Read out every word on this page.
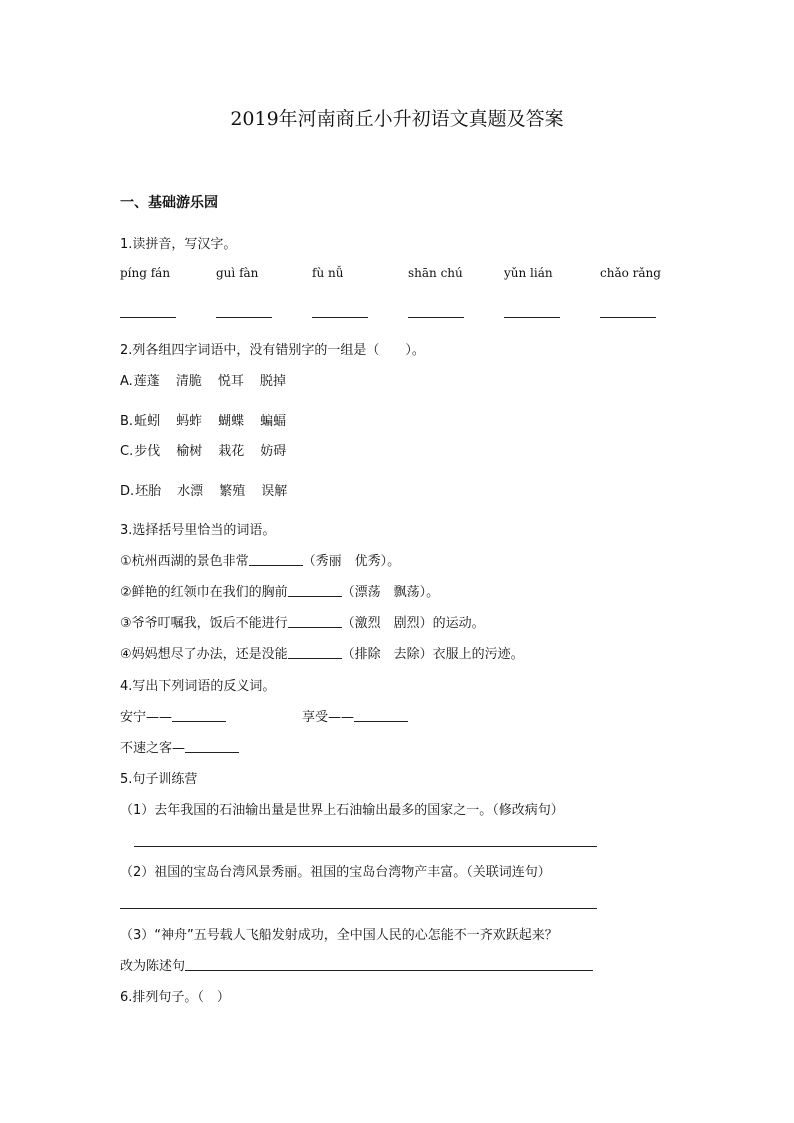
2019年河南商丘小升初语文真题及答案
一、基础游乐园
1.读拼音，写汉字。
píng fán	guì fàn	fù nǚ	shān chú	yǔn lián	chǎo rǎng
2.列各组四字词语中，没有错别字的一组是（　　）。
A.莲蓬 清脆 悦耳 脱掉
B.蚯蚓 蚂蚱 蝴蝶 蝙蝠
C.步伐 榆树 栽花 妨碍
D.坯胎 水漂 繁殖 误解
3.选择括号里恰当的词语。
①杭州西湖的景色非常	（秀丽　优秀）。
②鲜艳的红领巾在我们的胸前	（漂荡　飘荡）。
③爷爷叮嘱我，饭后不能进行	（激烈　剧烈）的运动。
④妈妈想尽了办法，还是没能	（排除　去除）衣服上的污迹。
4.写出下列词语的反义词。
安宁——	享受——
不速之客—
5.句子训练营
（1）去年我国的石油输出量是世界上石油输出最多的国家之一。（修改病句）
（2）祖国的宝岛台湾风景秀丽。祖国的宝岛台湾物产丰富。（关联词连句）
（3）“神舟”五号载人飞船发射成功，全中国人民的心怎能不一齐欢跃起来？
改为陈述句
6.排列句子。（　）
